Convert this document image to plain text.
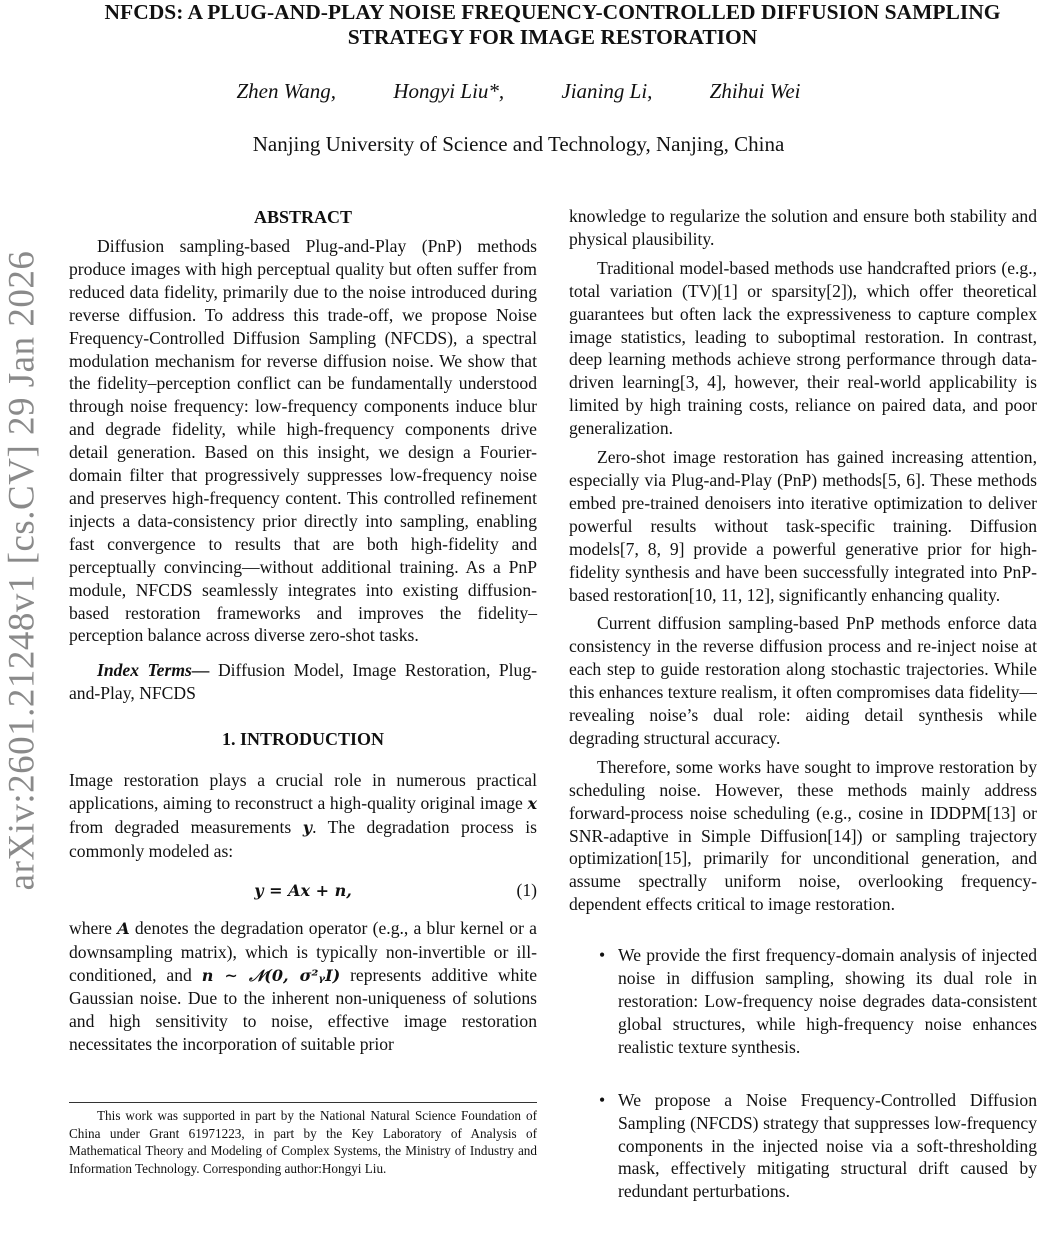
arXiv:2601.21248v1 [cs.CV] 29 Jan 2026
NFCDS: A PLUG-AND-PLAY NOISE FREQUENCY-CONTROLLED DIFFUSION SAMPLING
STRATEGY FOR IMAGE RESTORATION
Zhen Wang,	Hongyi Liu*,	Jianing Li,	Zhihui Wei
Nanjing University of Science and Technology, Nanjing, China
ABSTRACT

Diffusion sampling-based Plug-and-Play (PnP) methods produce images with high perceptual quality but often suffer from reduced data fidelity, primarily due to the noise introduced during reverse diffusion. To address this trade-off, we propose Noise Frequency-Controlled Diffusion Sampling (NFCDS), a spectral modulation mechanism for reverse diffusion noise. We show that the fidelity–perception conflict can be fundamentally understood through noise frequency: low-frequency components induce blur and degrade fidelity, while high-frequency components drive detail generation. Based on this insight, we design a Fourier-domain filter that progressively suppresses low-frequency noise and preserves high-frequency content. This controlled refinement injects a data-consistency prior directly into sampling, enabling fast convergence to results that are both high-fidelity and perceptually convincing—without additional training. As a PnP module, NFCDS seamlessly integrates into existing diffusion-based restoration frameworks and improves the fidelity–perception balance across diverse zero-shot tasks.

Index Terms— Diffusion Model, Image Restoration, Plug-and-Play, NFCDS

1. INTRODUCTION

Image restoration plays a crucial role in numerous practical applications, aiming to reconstruct a high-quality original image x from degraded measurements y. The degradation process is commonly modeled as:

y = Ax + n,	(1)

where A denotes the degradation operator (e.g., a blur kernel or a downsampling matrix), which is typically non-invertible or ill-conditioned, and n ∼ 𝒩(0, σ²ᵧI) represents additive white Gaussian noise. Due to the inherent non-uniqueness of solutions and high sensitivity to noise, effective image restoration necessitates the incorporation of suitable prior

This work was supported in part by the National Natural Science Foundation of China under Grant 61971223, in part by the Key Laboratory of Analysis of Mathematical Theory and Modeling of Complex Systems, the Ministry of Industry and Information Technology. Corresponding author:Hongyi Liu.

knowledge to regularize the solution and ensure both stability and physical plausibility.

Traditional model-based methods use handcrafted priors (e.g., total variation (TV)[1] or sparsity[2]), which offer theoretical guarantees but often lack the expressiveness to capture complex image statistics, leading to suboptimal restoration. In contrast, deep learning methods achieve strong performance through data-driven learning[3, 4], however, their real-world applicability is limited by high training costs, reliance on paired data, and poor generalization.

Zero-shot image restoration has gained increasing attention, especially via Plug-and-Play (PnP) methods[5, 6]. These methods embed pre-trained denoisers into iterative optimization to deliver powerful results without task-specific training. Diffusion models[7, 8, 9] provide a powerful generative prior for high-fidelity synthesis and have been successfully integrated into PnP-based restoration[10, 11, 12], significantly enhancing quality.

Current diffusion sampling-based PnP methods enforce data consistency in the reverse diffusion process and re-inject noise at each step to guide restoration along stochastic trajectories. While this enhances texture realism, it often compromises data fidelity—revealing noise’s dual role: aiding detail synthesis while degrading structural accuracy.

Therefore, some works have sought to improve restoration by scheduling noise. However, these methods mainly address forward-process noise scheduling (e.g., cosine in IDDPM[13] or SNR-adaptive in Simple Diffusion[14]) or sampling trajectory optimization[15], primarily for unconditional generation, and assume spectrally uniform noise, overlooking frequency-dependent effects critical to image restoration.

• We provide the first frequency-domain analysis of injected noise in diffusion sampling, showing its dual role in restoration: Low-frequency noise degrades data-consistent global structures, while high-frequency noise enhances realistic texture synthesis.
• We propose a Noise Frequency-Controlled Diffusion Sampling (NFCDS) strategy that suppresses low-frequency components in the injected noise via a soft-thresholding mask, effectively mitigating structural drift caused by redundant perturbations.
